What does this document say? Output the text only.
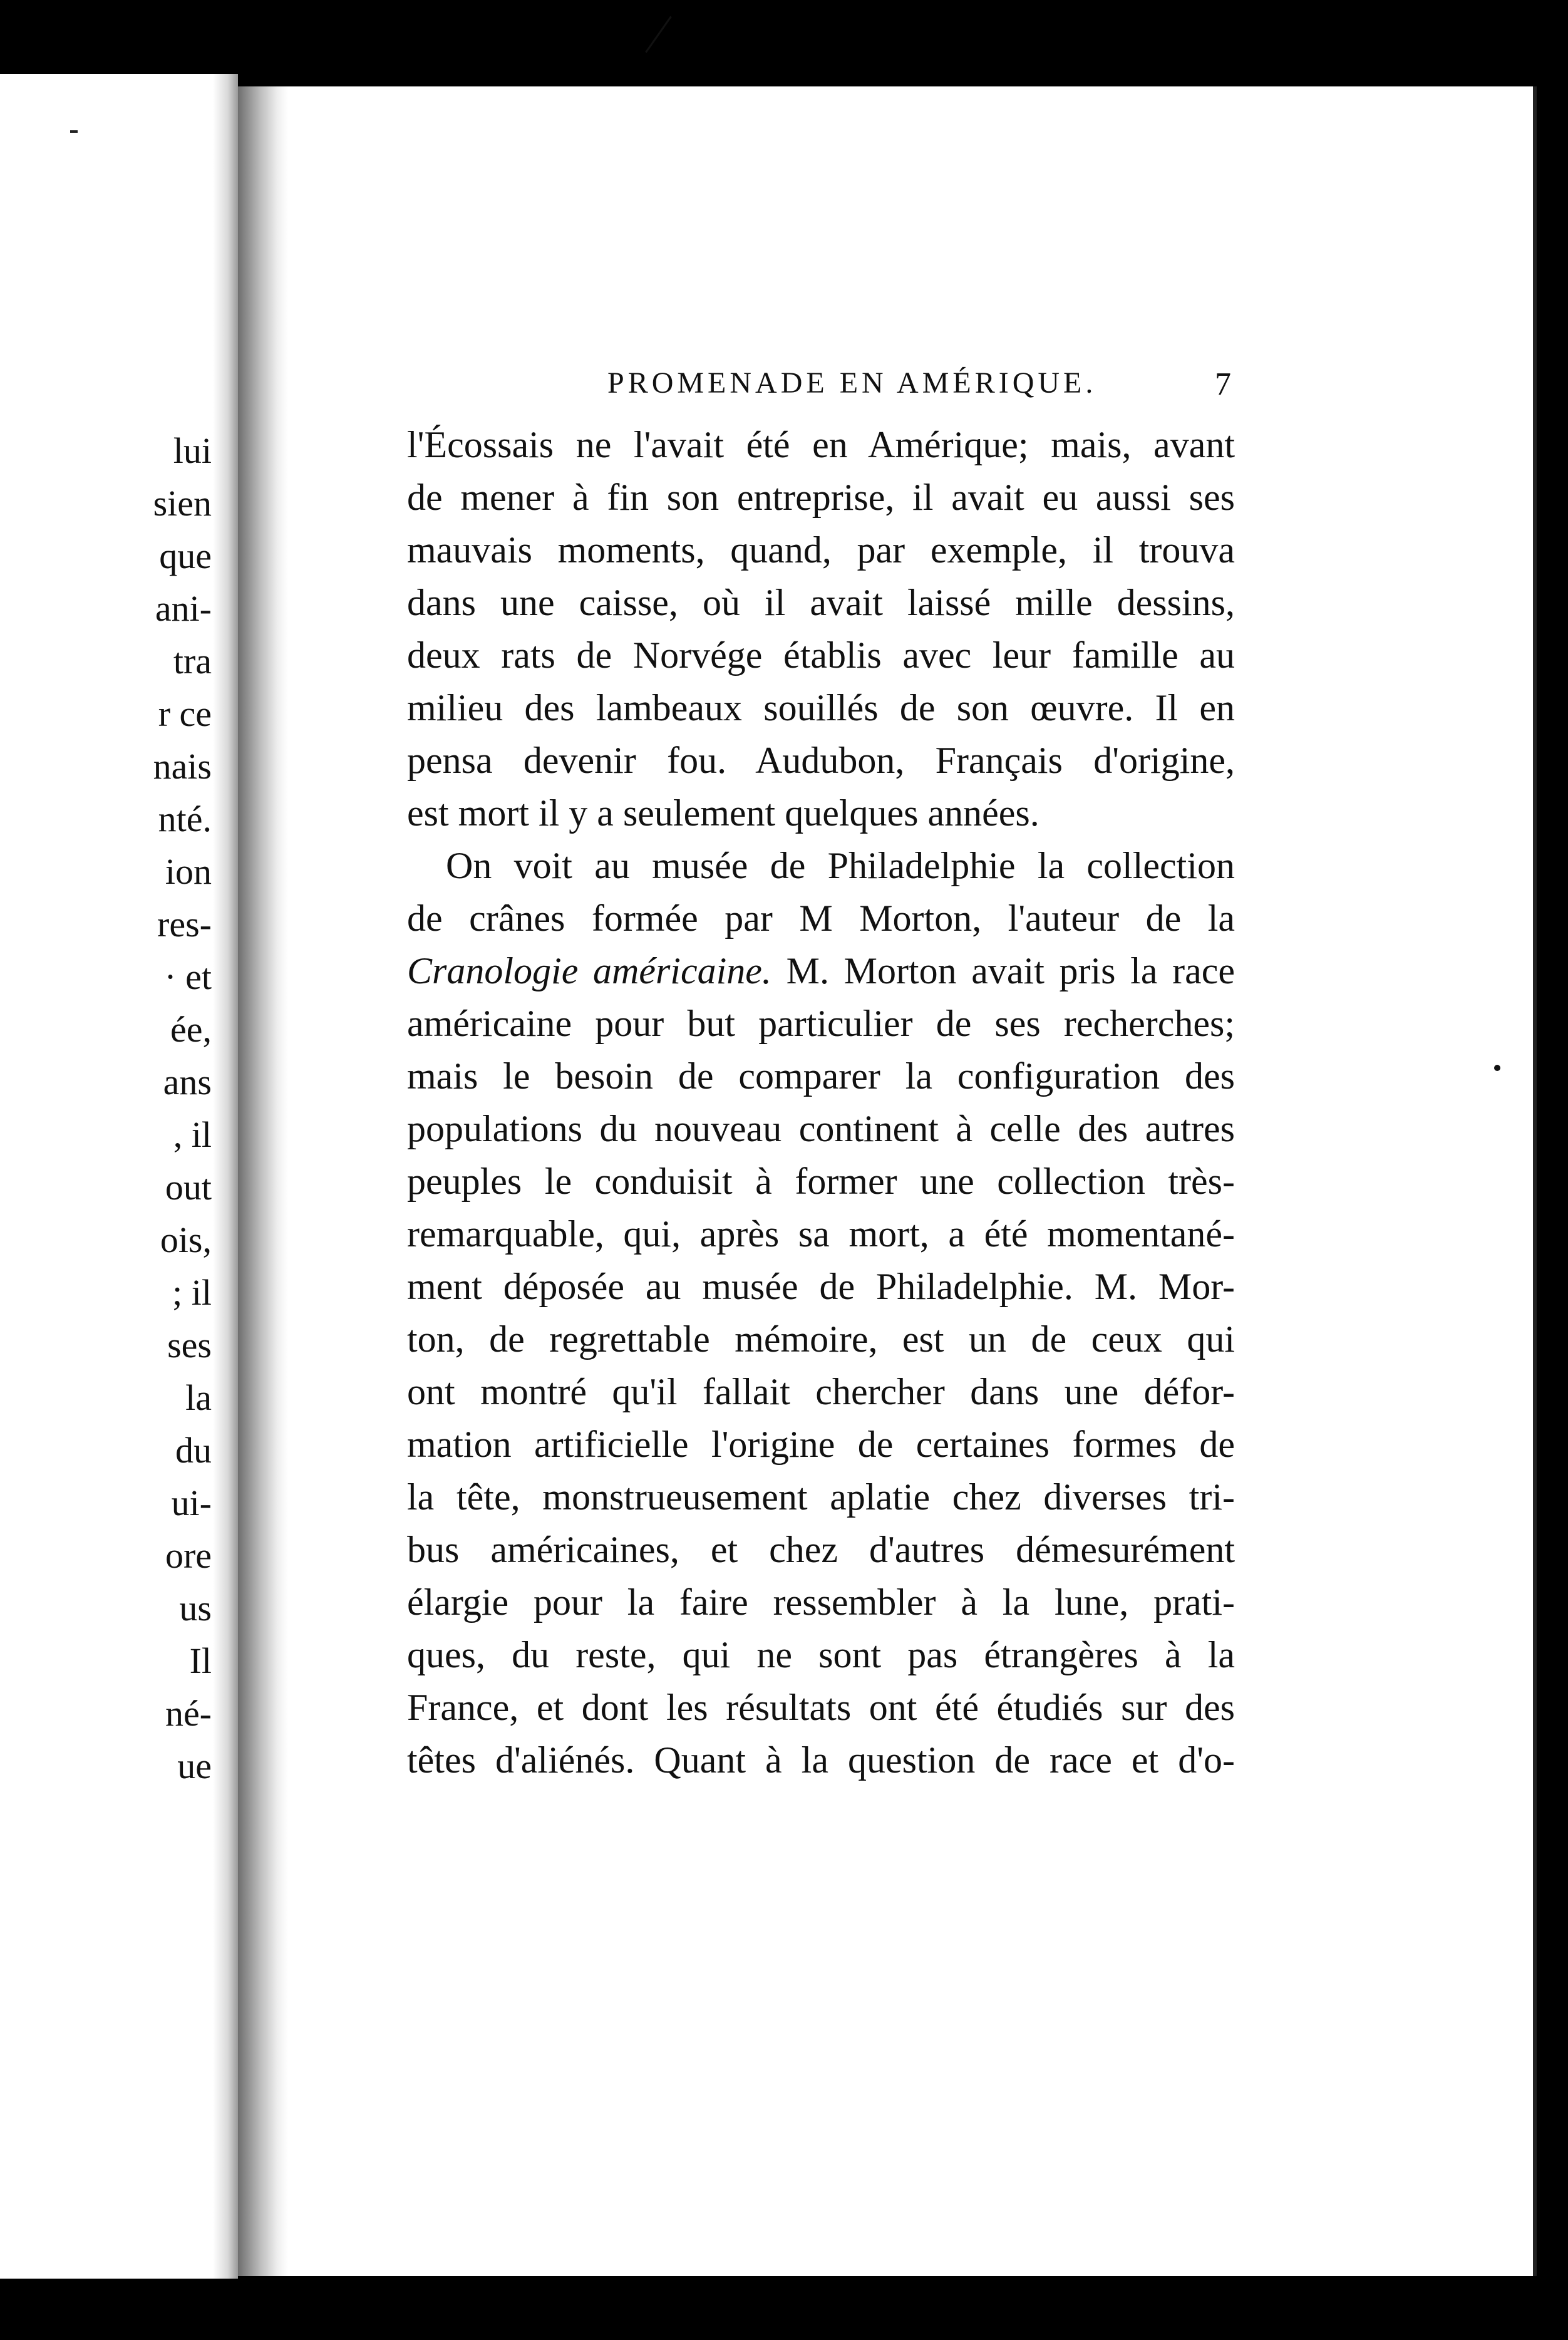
lui
sien
que
ani-
tra
r ce
nais
nté.
ion
res-
· et
ée,
ans
, il
out
ois,
; il
ses
la
du
ui-
ore
us
Il
né-
ue
PROMENADE EN AMÉRIQUE.	7
l'Écossais ne l'avait été en Amérique; mais, avant
de mener à fin son entreprise, il avait eu aussi ses
mauvais moments, quand, par exemple, il trouva
dans une caisse, où il avait laissé mille dessins,
deux rats de Norvége établis avec leur famille au
milieu des lambeaux souillés de son œuvre. Il en
pensa devenir fou. Audubon, Français d'origine,
est mort il y a seulement quelques années.
On voit au musée de Philadelphie la collection
de crânes formée par M Morton, l'auteur de la
Cranologie américaine. M. Morton avait pris la race
américaine pour but particulier de ses recherches;
mais le besoin de comparer la configuration des
populations du nouveau continent à celle des autres
peuples le conduisit à former une collection très-
remarquable, qui, après sa mort, a été momentané-
ment déposée au musée de Philadelphie. M. Mor-
ton, de regrettable mémoire, est un de ceux qui
ont montré qu'il fallait chercher dans une défor-
mation artificielle l'origine de certaines formes de
la tête, monstrueusement aplatie chez diverses tri-
bus américaines, et chez d'autres démesurément
élargie pour la faire ressembler à la lune, prati-
ques, du reste, qui ne sont pas étrangères à la
France, et dont les résultats ont été étudiés sur des
têtes d'aliénés. Quant à la question de race et d'o-
